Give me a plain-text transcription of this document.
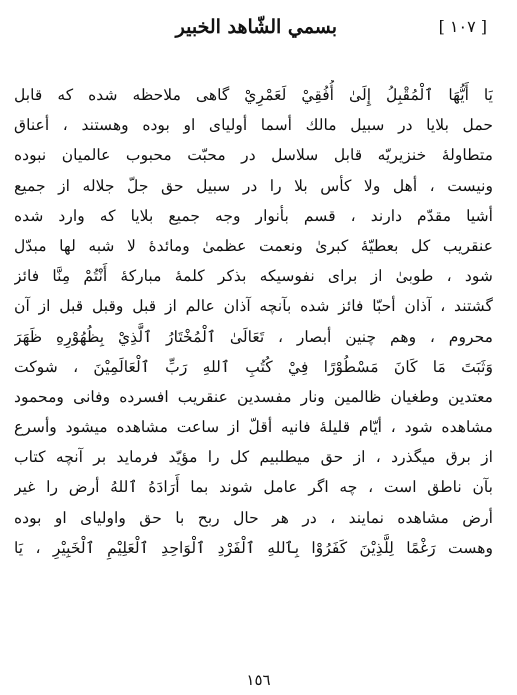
بسمي الشّاهد الخبير	[ ١٠٧ ]
يَا أَيُّهَا ٱلْمُقْبِلُ إِلَىٰ أُفُقِيْ لَعَمْرِيْ گاهى ملاحظه شده كه قابل
حمل بلايا در سبيل مالك أسما أولياى او بوده وهستند ، أعناق
متطاولهٔ خنزيريّه قابل سلاسل در محبّت محبوب عالميان نبوده
ونيست ، أهل ولا كأس بلا را در سبيل حق جلّ جلاله از جميع
أشيا مقدّم دارند ، قسم بأنوار وجه جميع بلايا كه وارد شده
عنقريب كل بعطيّهٔ كبرىٰ ونعمت عظمىٰ ومائدهٔ لا شبه لها مبدّل
شود ، طوبىٰ از براى نفوسيكه بذكر كلمهٔ مباركهٔ أَنْتُمْ مِنَّا فائز
گشتند ، آذان أحبّا فائز شده بآنچه آذان عالم از قبل وقبل قبل از آن
محروم ، وهم چنين أبصار ، تَعَالَىٰ ٱلْمُخْتَارُ ٱلَّذِيْ بِظُهُوْرِهِ ظَهَرَ
وَثَبَتَ مَا كَانَ مَسْطُوْرًا فِيْ كُتُبِ ٱللهِ رَبِّ ٱلْعَالَمِيْنَ ، شوكت
معتدين وطغيان ظالمين ونار مفسدين عنقريب افسرده وفانى ومحمود
مشاهده شود ، أيّام قليلهٔ فانيه أقلّ از ساعت مشاهده ميشود وأسرع
از برق ميگذرد ، از حق ميطلبيم كل را مؤيّد فرمايد بر آنچه كتاب
بآن ناطق است ، چه اگر عامل شوند بما أَرَادَهُ ٱللهُ أرض را غير
أرض مشاهده نمايند ، در هر حال ربح با حق واولياى او بوده
وهست رَغْمًا لِلَّذِيْنَ كَفَرُوْا بِٱللهِ ٱلْفَرْدِ ٱلْوَاحِدِ ٱلْعَلِيْمِ ٱلْخَبِيْرِ ، يَا
١٥٦
